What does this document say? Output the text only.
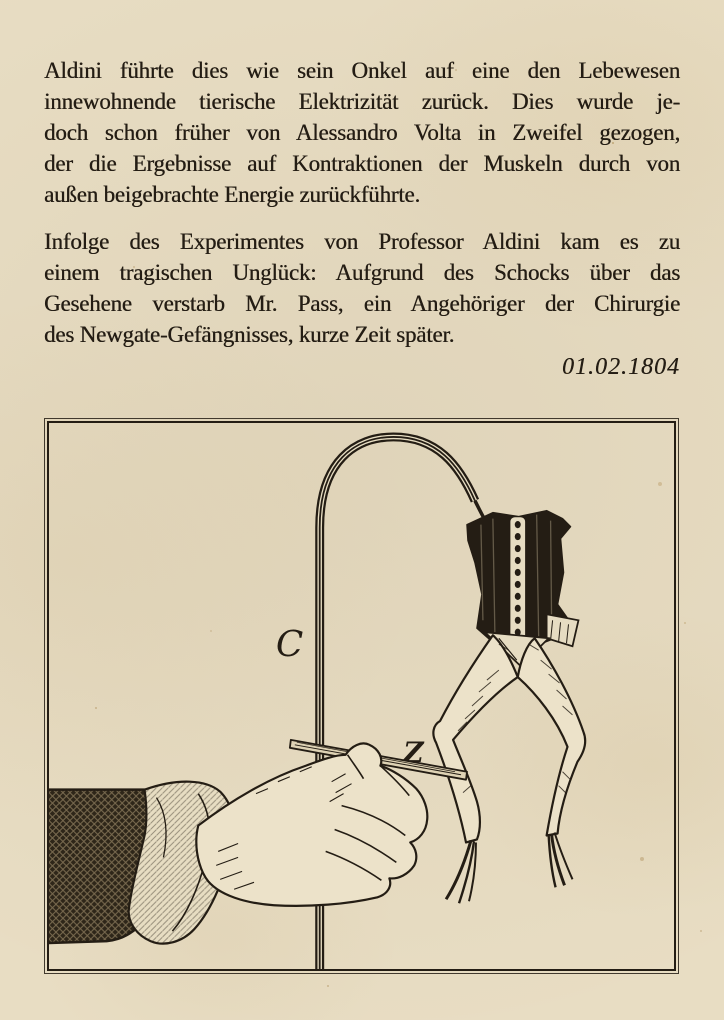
Aldini führte dies wie sein Onkel auf eine den Lebewesen
innewohnende tierische Elektrizität zurück. Dies wurde je-
doch schon früher von Alessandro Volta in Zweifel gezogen,
der die Ergebnisse auf Kontraktionen der Muskeln durch von
außen beigebrachte Energie zurückführte.

Infolge des Experimentes von Professor Aldini kam es zu
einem tragischen Unglück: Aufgrund des Schocks über das
Gesehene verstarb Mr. Pass, ein Angehöriger der Chirurgie
des Newgate-Gefängnisses, kurze Zeit später.

01.02.1804
C
Z
